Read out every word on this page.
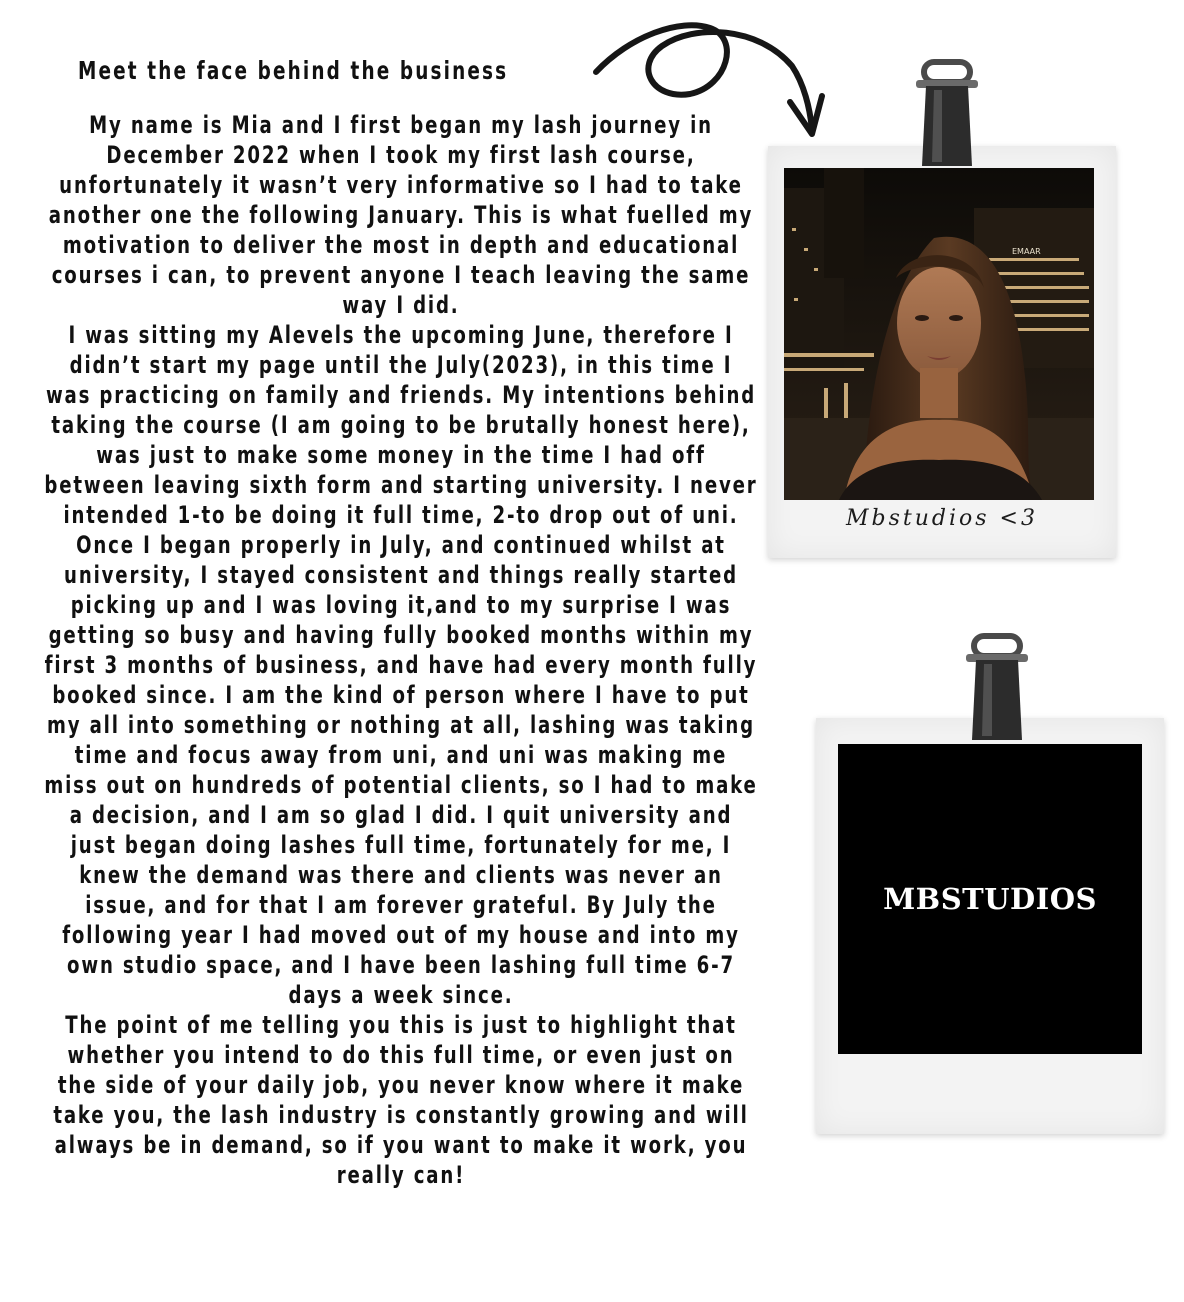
Meet the face behind the business

My name is Mia and I first began my lash journey in December 2022 when I took my first lash course, unfortunately it wasn’t very informative so I had to take another one the following January. This is what fuelled my motivation to deliver the most in depth and educational courses i can, to prevent anyone I teach leaving the same way I did.

I was sitting my Alevels the upcoming June, therefore I didn’t start my page until the July(2023), in this time I was practicing on family and friends. My intentions behind taking the course (I am going to be brutally honest here), was just to make some money in the time I had off between leaving sixth form and starting university. I never intended 1-to be doing it full time, 2-to drop out of uni. Once I began properly in July, and continued whilst at university, I stayed consistent and things really started picking up and I was loving it,and to my surprise I was getting so busy and having fully booked months within my first 3 months of business, and have had every month fully booked since. I am the kind of person where I have to put my all into something or nothing at all, lashing was taking time and focus away from uni, and uni was making me miss out on hundreds of potential clients, so I had to make a decision, and I am so glad I did. I quit university and just began doing lashes full time, fortunately for me, I knew the demand was there and clients was never an issue, and for that I am forever grateful. By July the following year I had moved out of my house and into my own studio space, and I have been lashing full time 6-7 days a week since.

The point of me telling you this is just to highlight that whether you intend to do this full time, or even just on the side of your daily job, you never know where it make take you, the lash industry is constantly growing and will always be in demand, so if you want to make it work, you really can!

EMAAR
Mbstudios <3
MBSTUDIOS
